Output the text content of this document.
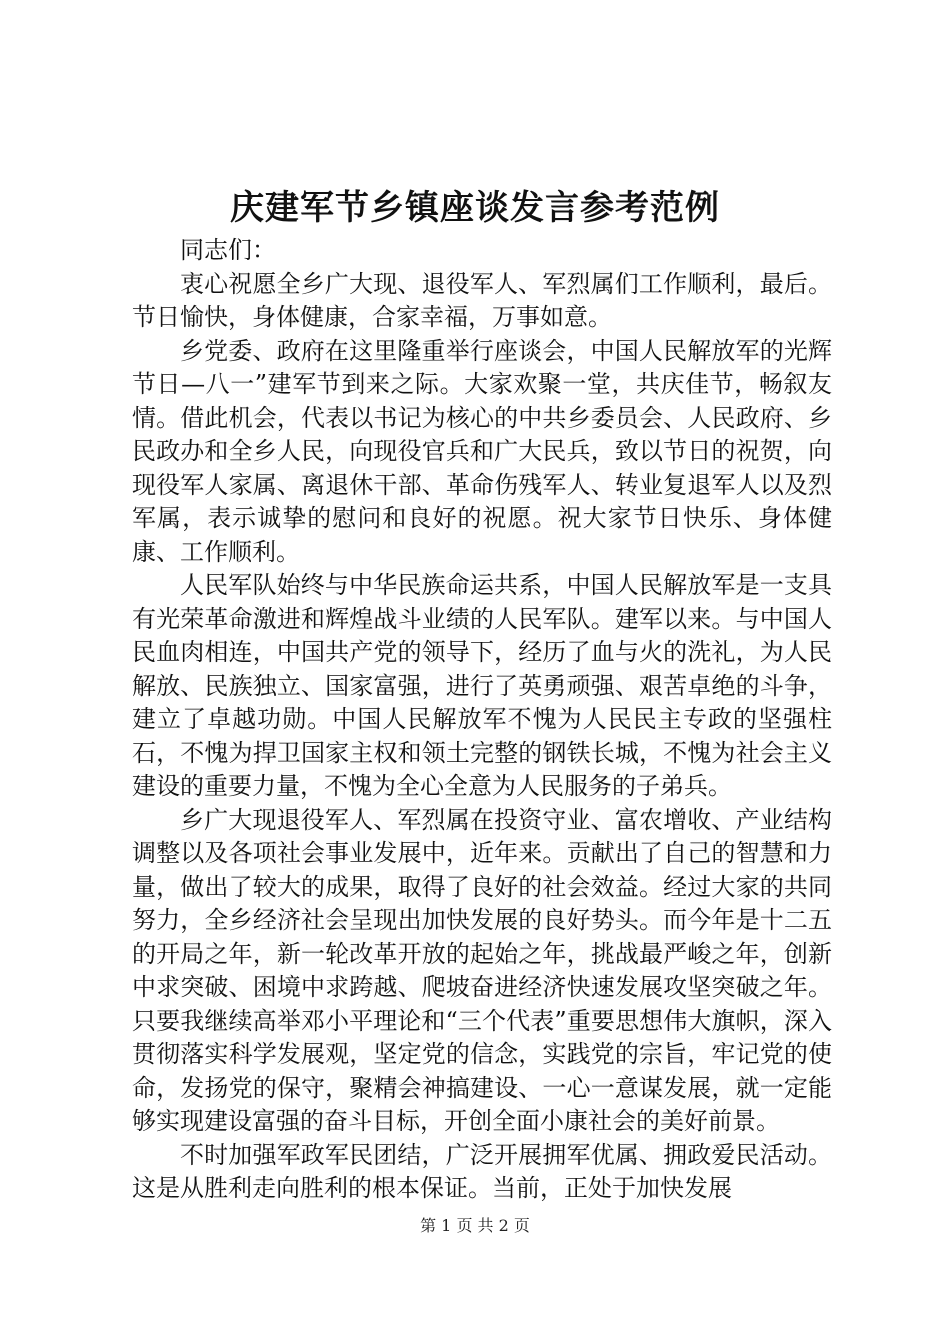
庆建军节乡镇座谈发言参考范例

同志们：

衷心祝愿全乡广大现、退役军人、军烈属们工作顺利，最后。节日愉快，身体健康，合家幸福，万事如意。

乡党委、政府在这里隆重举行座谈会，中国人民解放军的光辉节日—八一”建军节到来之际。大家欢聚一堂，共庆佳节，畅叙友情。借此机会，代表以书记为核心的中共乡委员会、人民政府、乡民政办和全乡人民，向现役官兵和广大民兵，致以节日的祝贺，向现役军人家属、离退休干部、革命伤残军人、转业复退军人以及烈军属，表示诚挚的慰问和良好的祝愿。祝大家节日快乐、身体健康、工作顺利。

人民军队始终与中华民族命运共系，中国人民解放军是一支具有光荣革命激进和辉煌战斗业绩的人民军队。建军以来。与中国人民血肉相连，中国共产党的领导下，经历了血与火的洗礼，为人民解放、民族独立、国家富强，进行了英勇顽强、艰苦卓绝的斗争，建立了卓越功勋。中国人民解放军不愧为人民民主专政的坚强柱石，不愧为捍卫国家主权和领土完整的钢铁长城，不愧为社会主义建设的重要力量，不愧为全心全意为人民服务的子弟兵。

乡广大现退役军人、军烈属在投资守业、富农增收、产业结构调整以及各项社会事业发展中，近年来。贡献出了自己的智慧和力量，做出了较大的成果，取得了良好的社会效益。经过大家的共同努力，全乡经济社会呈现出加快发展的良好势头。而今年是十二五的开局之年，新一轮改革开放的起始之年，挑战最严峻之年，创新中求突破、困境中求跨越、爬坡奋进经济快速发展攻坚突破之年。只要我继续高举邓小平理论和“三个代表”重要思想伟大旗帜，深入贯彻落实科学发展观，坚定党的信念，实践党的宗旨，牢记党的使命，发扬党的保守，聚精会神搞建设、一心一意谋发展，就一定能够实现建设富强的奋斗目标，开创全面小康社会的美好前景。

不时加强军政军民团结，广泛开展拥军优属、拥政爱民活动。这是从胜利走向胜利的根本保证。当前，正处于加快发展

第 1 页 共 2 页
